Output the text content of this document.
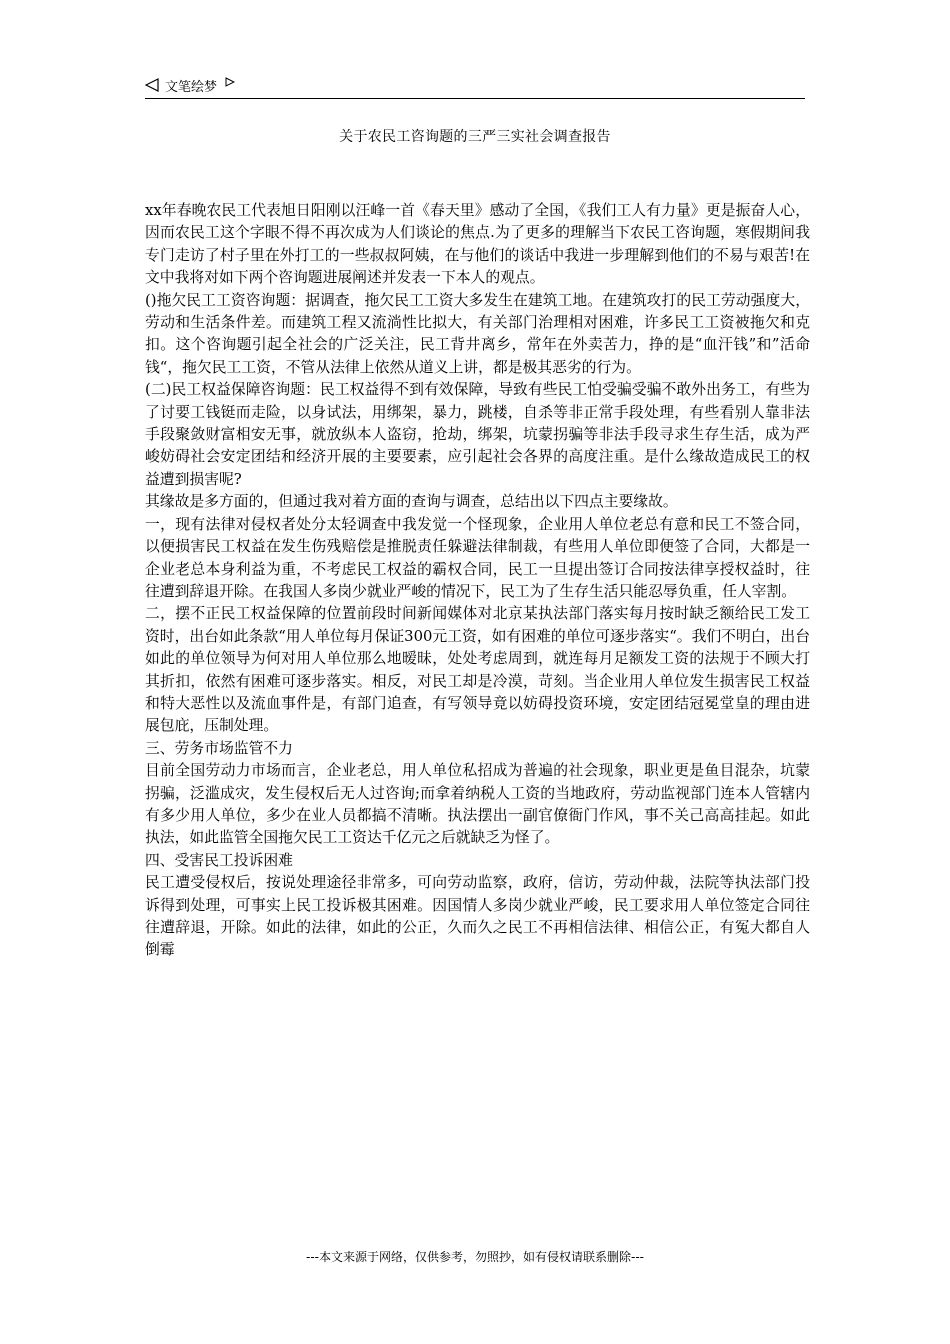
文笔绘梦
关于农民工咨询题的三严三实社会调查报告

xx年春晚农民工代表旭日阳刚以汪峰一首《春天里》感动了全国，《我们工人有力量》更是振奋人心，因而农民工这个字眼不得不再次成为人们谈论的焦点.为了更多的理解当下农民工咨询题，寒假期间我专门走访了村子里在外打工的一些叔叔阿姨，在与他们的谈话中我进一步理解到他们的不易与艰苦!在文中我将对如下两个咨询题进展阐述并发表一下本人的观点。

()拖欠民工工资咨询题：据调查，拖欠民工工资大多发生在建筑工地。在建筑攻打的民工劳动强度大，劳动和生活条件差。而建筑工程又流淌性比拟大，有关部门治理相对困难，许多民工工资被拖欠和克扣。这个咨询题引起全社会的广泛关注，民工背井离乡，常年在外卖苦力，挣的是“血汗钱”和”活命钱“，拖欠民工工资，不管从法律上依然从道义上讲，都是极其恶劣的行为。

(二)民工权益保障咨询题：民工权益得不到有效保障，导致有些民工怕受骗受骗不敢外出务工，有些为了讨要工钱铤而走险，以身试法，用绑架，暴力，跳楼，自杀等非正常手段处理，有些看别人靠非法手段聚敛财富相安无事，就放纵本人盗窃，抢劫，绑架，坑蒙拐骗等非法手段寻求生存生活，成为严峻妨碍社会安定团结和经济开展的主要要素，应引起社会各界的高度注重。是什么缘故造成民工的权益遭到损害呢?

其缘故是多方面的，但通过我对着方面的查询与调查，总结出以下四点主要缘故。

一，现有法律对侵权者处分太轻调查中我发觉一个怪现象，企业用人单位老总有意和民工不签合同，以便损害民工权益在发生伤残赔偿是推脱责任躲避法律制裁，有些用人单位即便签了合同，大都是一企业老总本身利益为重，不考虑民工权益的霸权合同，民工一旦提出签订合同按法律享授权益时，往往遭到辞退开除。在我国人多岗少就业严峻的情况下，民工为了生存生活只能忍辱负重，任人宰割。

二，摆不正民工权益保障的位置前段时间新闻媒体对北京某执法部门落实每月按时缺乏额给民工发工资时，出台如此条款“用人单位每月保证300元工资，如有困难的单位可逐步落实“。我们不明白，出台如此的单位领导为何对用人单位那么地暧昧，处处考虑周到，就连每月足额发工资的法规于不顾大打其折扣，依然有困难可逐步落实。相反，对民工却是冷漠，苛刻。当企业用人单位发生损害民工权益和特大恶性以及流血事件是，有部门追查，有写领导竟以妨碍投资环境，安定团结冠冕堂皇的理由进展包庇，压制处理。

三、劳务市场监管不力

目前全国劳动力市场而言，企业老总，用人单位私招成为普遍的社会现象，职业更是鱼目混杂，坑蒙拐骗，泛滥成灾，发生侵权后无人过咨询;而拿着纳税人工资的当地政府，劳动监视部门连本人管辖内有多少用人单位，多少在业人员都搞不清晰。执法摆出一副官僚衙门作风，事不关己高高挂起。如此执法，如此监管全国拖欠民工工资达千亿元之后就缺乏为怪了。

四、受害民工投诉困难

民工遭受侵权后，按说处理途径非常多，可向劳动监察，政府，信访，劳动仲裁，法院等执法部门投诉得到处理，可事实上民工投诉极其困难。因国情人多岗少就业严峻，民工要求用人单位签定合同往往遭辞退，开除。如此的法律，如此的公正，久而久之民工不再相信法律、相信公正，有冤大都自人倒霉

---本文来源于网络，仅供参考，勿照抄，如有侵权请联系删除---
